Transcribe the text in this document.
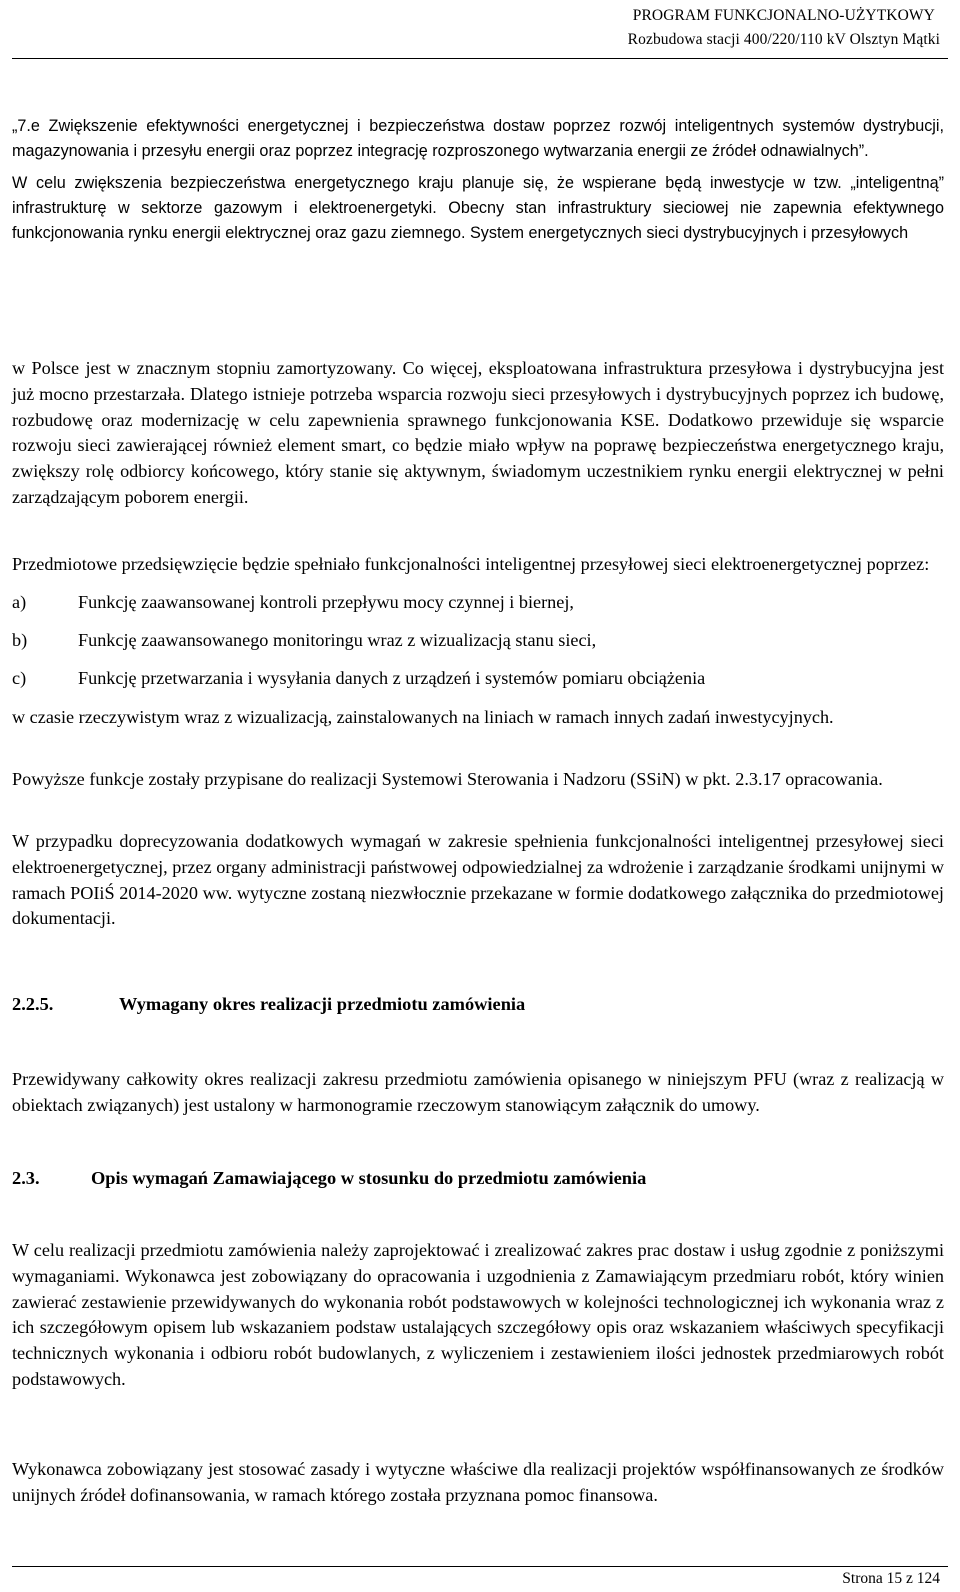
PROGRAM FUNKCJONALNO-UŻYTKOWY
Rozbudowa stacji 400/220/110 kV Olsztyn Mątki

„7.e Zwiększenie efektywności energetycznej i bezpieczeństwa dostaw poprzez rozwój inteligentnych systemów dystrybucji, magazynowania i przesyłu energii oraz poprzez integrację rozproszonego wytwarzania energii ze źródeł odnawialnych”.

W celu zwiększenia bezpieczeństwa energetycznego kraju planuje się, że wspierane będą inwestycje w tzw. „inteligentną” infrastrukturę w sektorze gazowym i elektroenergetyki. Obecny stan infrastruktury sieciowej nie zapewnia efektywnego funkcjonowania rynku energii elektrycznej oraz gazu ziemnego. System energetycznych sieci dystrybucyjnych i przesyłowych

w Polsce jest w znacznym stopniu zamortyzowany. Co więcej, eksploatowana infrastruktura przesyłowa i dystrybucyjna jest już mocno przestarzała. Dlatego istnieje potrzeba wsparcia rozwoju sieci przesyłowych i dystrybucyjnych poprzez ich budowę, rozbudowę oraz modernizację w celu zapewnienia sprawnego funkcjonowania KSE. Dodatkowo przewiduje się wsparcie rozwoju sieci zawierającej również element smart, co będzie miało wpływ na poprawę bezpieczeństwa energetycznego kraju, zwiększy rolę odbiorcy końcowego, który stanie się aktywnym, świadomym uczestnikiem rynku energii elektrycznej w pełni zarządzającym poborem energii.
Przedmiotowe przedsięwzięcie będzie spełniało funkcjonalności inteligentnej przesyłowej sieci elektroenergetycznej poprzez:
a)	Funkcję zaawansowanej kontroli przepływu mocy czynnej i biernej,
b)	Funkcję zaawansowanego monitoringu wraz z wizualizacją stanu sieci,
c)	Funkcję przetwarzania i wysyłania danych z urządzeń i systemów pomiaru obciążenia
w czasie rzeczywistym wraz z wizualizacją, zainstalowanych na liniach w ramach innych zadań inwestycyjnych.
Powyższe funkcje zostały przypisane do realizacji Systemowi Sterowania i Nadzoru (SSiN) w pkt. 2.3.17 opracowania.
W przypadku doprecyzowania dodatkowych wymagań w zakresie spełnienia funkcjonalności inteligentnej przesyłowej sieci elektroenergetycznej, przez organy administracji państwowej odpowiedzialnej za wdrożenie i zarządzanie środkami unijnymi w ramach POIiŚ 2014-2020 ww. wytyczne zostaną niezwłocznie przekazane w formie dodatkowego załącznika do przedmiotowej dokumentacji.
2.2.5.	Wymagany okres realizacji przedmiotu zamówienia
Przewidywany całkowity okres realizacji zakresu przedmiotu zamówienia opisanego w niniejszym PFU (wraz z realizacją w obiektach związanych) jest ustalony w harmonogramie rzeczowym stanowiącym załącznik do umowy.
2.3.	Opis wymagań Zamawiającego w stosunku do przedmiotu zamówienia
W celu realizacji przedmiotu zamówienia należy zaprojektować i zrealizować zakres prac dostaw i usług zgodnie z poniższymi wymaganiami. Wykonawca jest zobowiązany do opracowania i uzgodnienia z Zamawiającym przedmiaru robót, który winien zawierać zestawienie przewidywanych do wykonania robót podstawowych w kolejności technologicznej ich wykonania wraz z ich szczegółowym opisem lub wskazaniem podstaw ustalających szczegółowy opis oraz wskazaniem właściwych specyfikacji technicznych wykonania i odbioru robót budowlanych, z wyliczeniem i zestawieniem ilości jednostek przedmiarowych robót podstawowych.
Wykonawca zobowiązany jest stosować zasady i wytyczne właściwe dla realizacji projektów współfinansowanych ze środków unijnych źródeł dofinansowania, w ramach którego została przyznana pomoc finansowa.
Strona 15 z 124
